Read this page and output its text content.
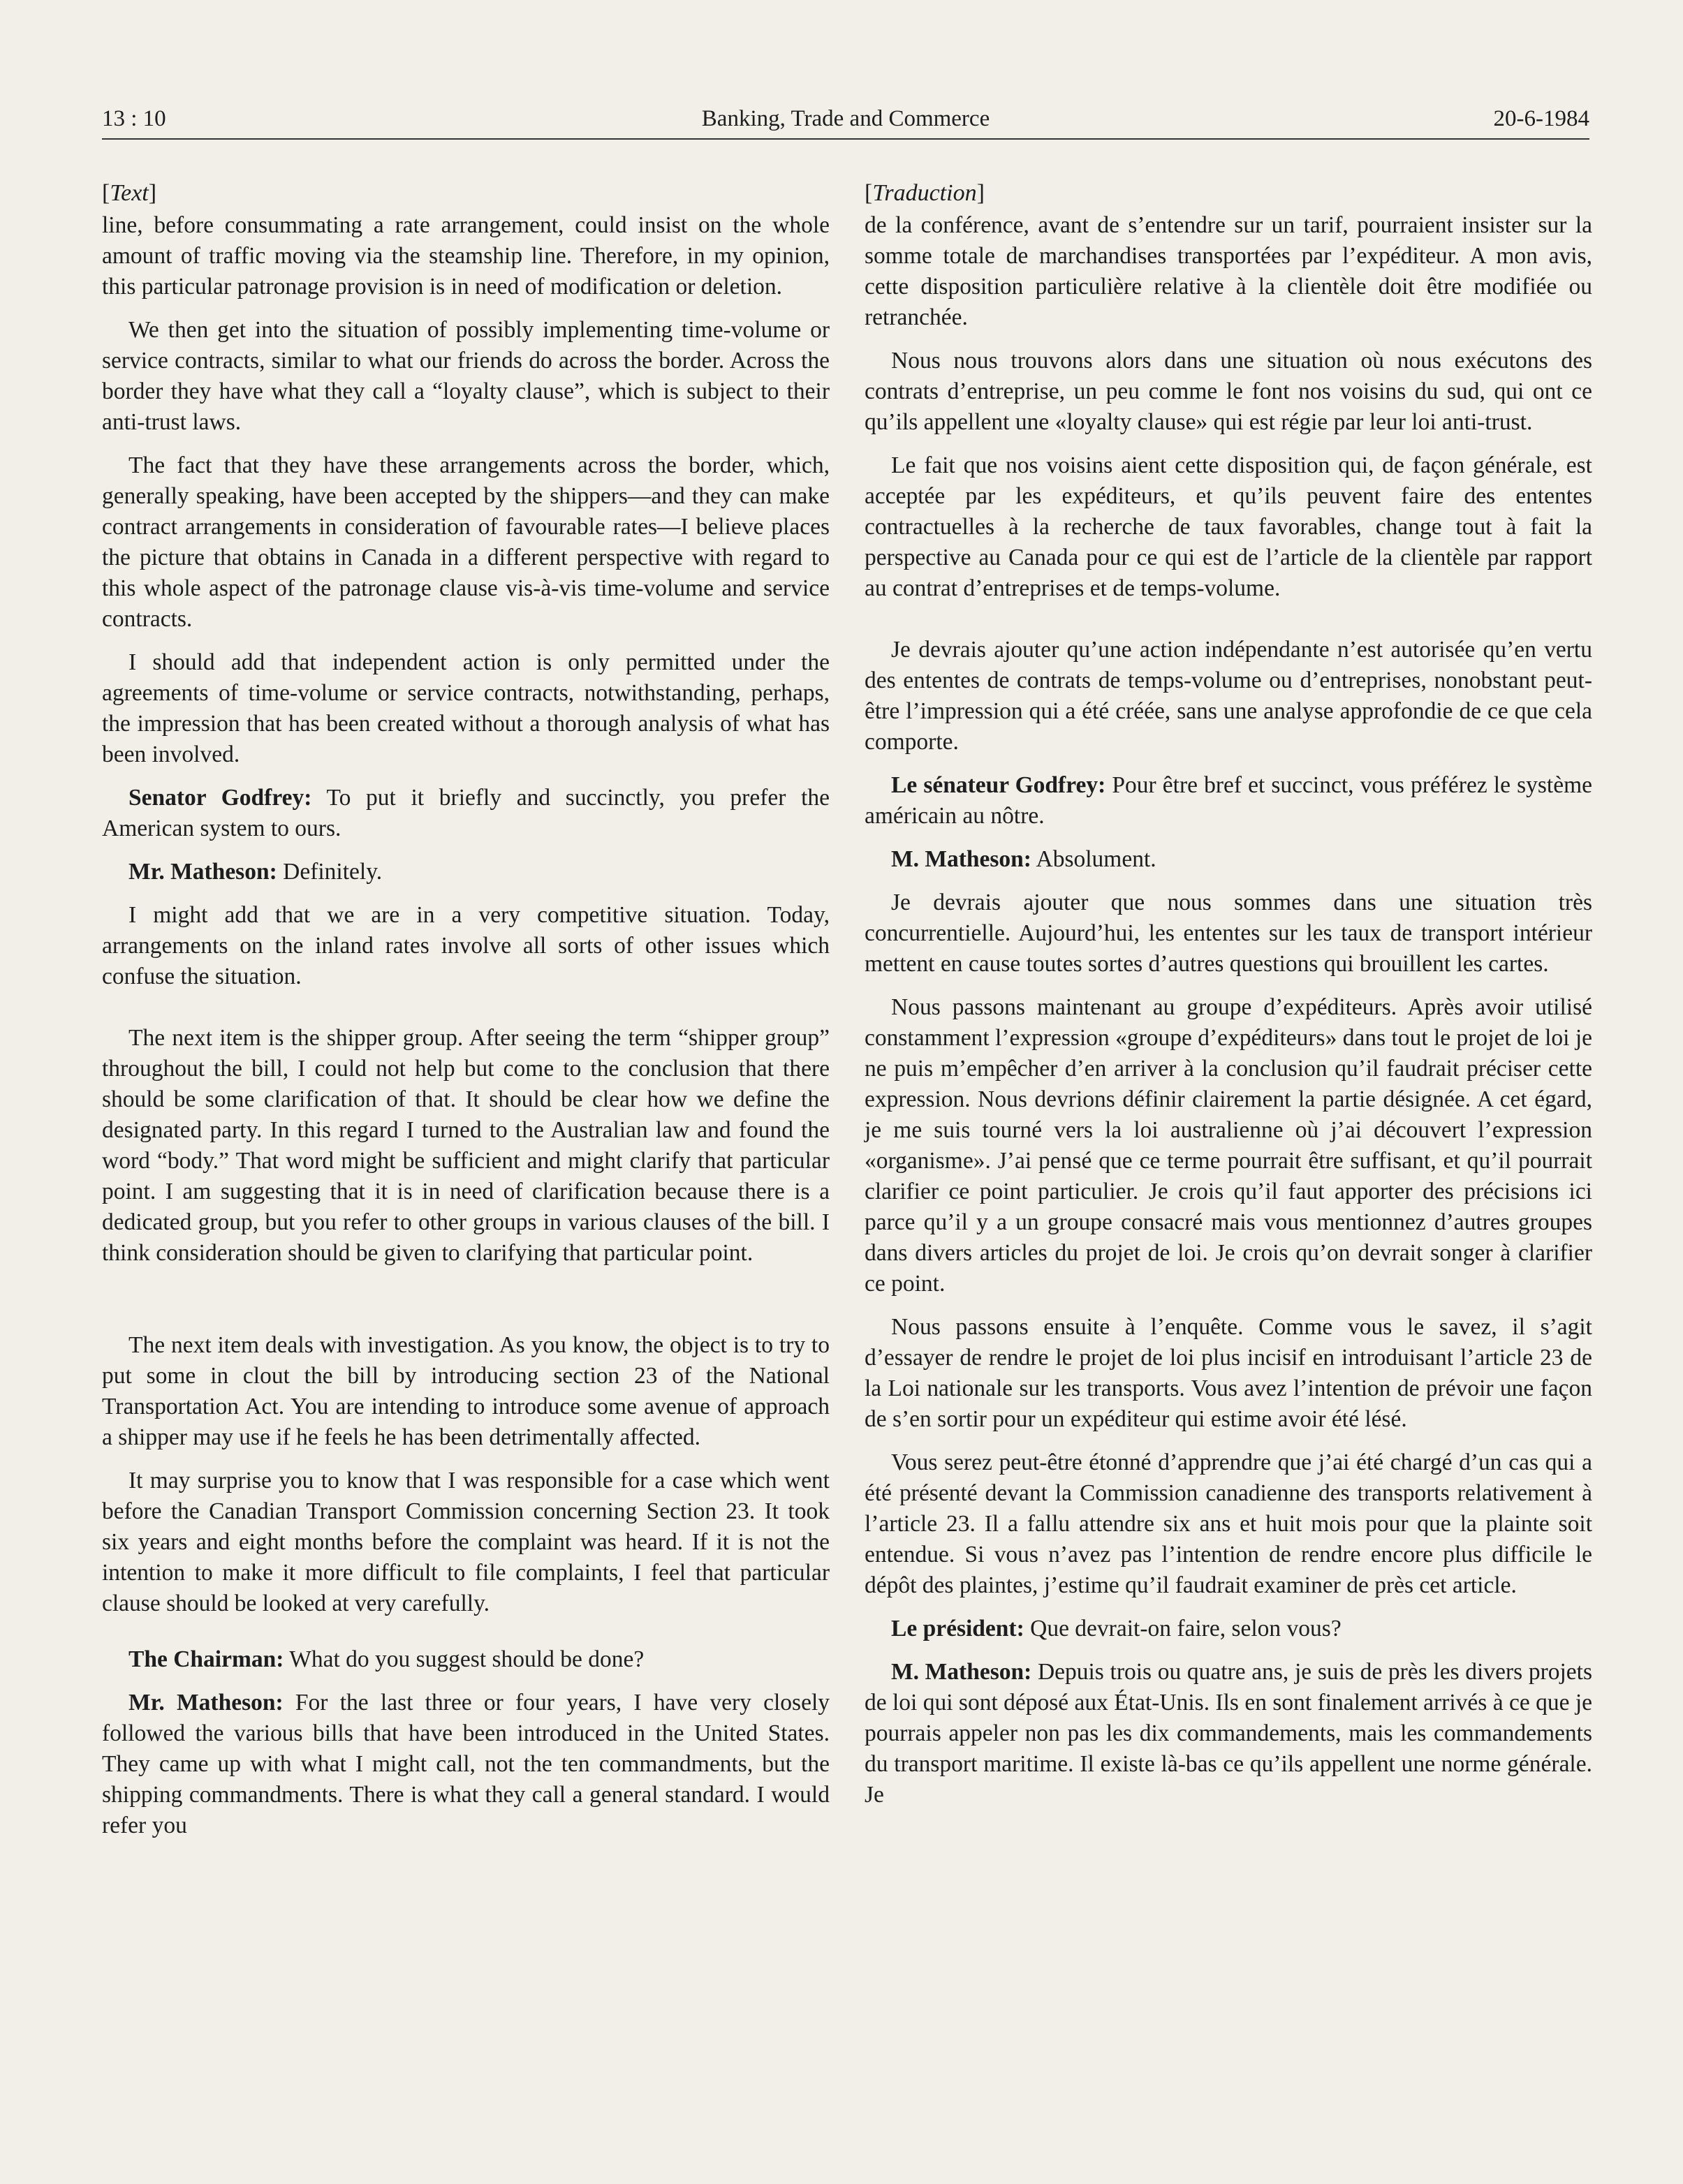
13 : 10	Banking, Trade and Commerce	20-6-1984
[Text]

line, before consummating a rate arrangement, could insist on the whole amount of traffic moving via the steamship line. Therefore, in my opinion, this particular patronage provision is in need of modification or deletion.

We then get into the situation of possibly implementing time-volume or service contracts, similar to what our friends do across the border. Across the border they have what they call a “loyalty clause”, which is subject to their anti-trust laws.

The fact that they have these arrangements across the border, which, generally speaking, have been accepted by the shippers—and they can make contract arrangements in consideration of favourable rates—I believe places the picture that obtains in Canada in a different perspective with regard to this whole aspect of the patronage clause vis-à-vis time-volume and service contracts.

I should add that independent action is only permitted under the agreements of time-volume or service contracts, notwithstanding, perhaps, the impression that has been created without a thorough analysis of what has been involved.

Senator Godfrey: To put it briefly and succinctly, you prefer the American system to ours.

Mr. Matheson: Definitely.

I might add that we are in a very competitive situation. Today, arrangements on the inland rates involve all sorts of other issues which confuse the situation.

The next item is the shipper group. After seeing the term “shipper group” throughout the bill, I could not help but come to the conclusion that there should be some clarification of that. It should be clear how we define the designated party. In this regard I turned to the Australian law and found the word “body.” That word might be sufficient and might clarify that particular point. I am suggesting that it is in need of clarification because there is a dedicated group, but you refer to other groups in various clauses of the bill. I think consideration should be given to clarifying that particular point.

The next item deals with investigation. As you know, the object is to try to put some in clout the bill by introducing section 23 of the National Transportation Act. You are intending to introduce some avenue of approach a shipper may use if he feels he has been detrimentally affected.

It may surprise you to know that I was responsible for a case which went before the Canadian Transport Commission concerning Section 23. It took six years and eight months before the complaint was heard. If it is not the intention to make it more difficult to file complaints, I feel that particular clause should be looked at very carefully.

The Chairman: What do you suggest should be done?

Mr. Matheson: For the last three or four years, I have very closely followed the various bills that have been introduced in the United States. They came up with what I might call, not the ten commandments, but the shipping commandments. There is what they call a general standard. I would refer you

[Traduction]

de la conférence, avant de s’entendre sur un tarif, pourraient insister sur la somme totale de marchandises transportées par l’expéditeur. A mon avis, cette disposition particulière relative à la clientèle doit être modifiée ou retranchée.

Nous nous trouvons alors dans une situation où nous exécutons des contrats d’entreprise, un peu comme le font nos voisins du sud, qui ont ce qu’ils appellent une «loyalty clause» qui est régie par leur loi anti-trust.

Le fait que nos voisins aient cette disposition qui, de façon générale, est acceptée par les expéditeurs, et qu’ils peuvent faire des ententes contractuelles à la recherche de taux favorables, change tout à fait la perspective au Canada pour ce qui est de l’article de la clientèle par rapport au contrat d’entreprises et de temps-volume.

Je devrais ajouter qu’une action indépendante n’est autorisée qu’en vertu des ententes de contrats de temps-volume ou d’entreprises, nonobstant peut-être l’impression qui a été créée, sans une analyse approfondie de ce que cela comporte.

Le sénateur Godfrey: Pour être bref et succinct, vous préférez le système américain au nôtre.

M. Matheson: Absolument.

Je devrais ajouter que nous sommes dans une situation très concurrentielle. Aujourd’hui, les ententes sur les taux de transport intérieur mettent en cause toutes sortes d’autres questions qui brouillent les cartes.

Nous passons maintenant au groupe d’expéditeurs. Après avoir utilisé constamment l’expression «groupe d’expéditeurs» dans tout le projet de loi je ne puis m’empêcher d’en arriver à la conclusion qu’il faudrait préciser cette expression. Nous devrions définir clairement la partie désignée. A cet égard, je me suis tourné vers la loi australienne où j’ai découvert l’expression «organisme». J’ai pensé que ce terme pourrait être suffisant, et qu’il pourrait clarifier ce point particulier. Je crois qu’il faut apporter des précisions ici parce qu’il y a un groupe consacré mais vous mentionnez d’autres groupes dans divers articles du projet de loi. Je crois qu’on devrait songer à clarifier ce point.

Nous passons ensuite à l’enquête. Comme vous le savez, il s’agit d’essayer de rendre le projet de loi plus incisif en introduisant l’article 23 de la Loi nationale sur les transports. Vous avez l’intention de prévoir une façon de s’en sortir pour un expéditeur qui estime avoir été lésé.

Vous serez peut-être étonné d’apprendre que j’ai été chargé d’un cas qui a été présenté devant la Commission canadienne des transports relativement à l’article 23. Il a fallu attendre six ans et huit mois pour que la plainte soit entendue. Si vous n’avez pas l’intention de rendre encore plus difficile le dépôt des plaintes, j’estime qu’il faudrait examiner de près cet article.

Le président: Que devrait-on faire, selon vous?

M. Matheson: Depuis trois ou quatre ans, je suis de près les divers projets de loi qui sont déposé aux État-Unis. Ils en sont finalement arrivés à ce que je pourrais appeler non pas les dix commandements, mais les commandements du transport maritime. Il existe là-bas ce qu’ils appellent une norme générale. Je
